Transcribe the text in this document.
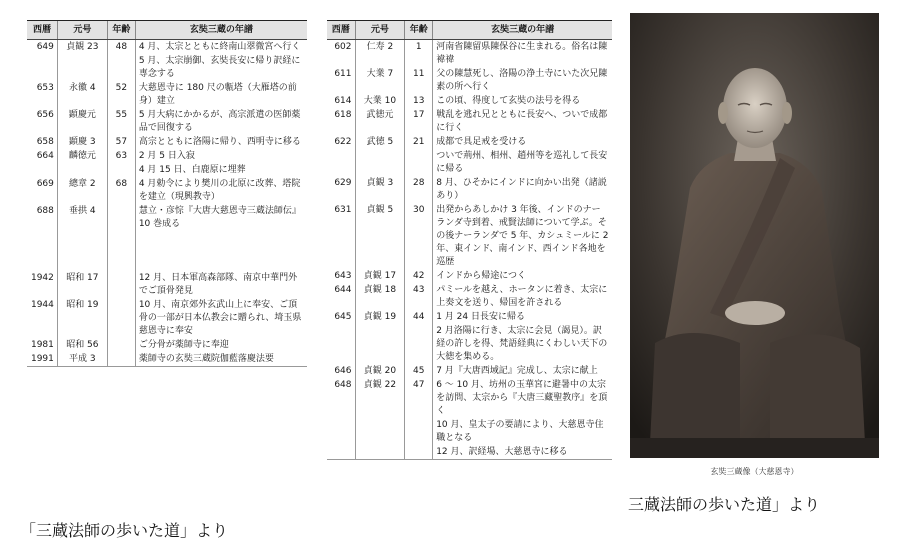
西暦	元号	年齢	玄奘三蔵の年譜
649	貞観 23	48	4 月、太宗とともに終南山翠微宮へ行く
			5 月、太宗崩御、玄奘長安に帰り訳経に専念する
653	永徽 4	52	大慈恩寺に 180 尺の甎塔（大雁塔の前身）建立
656	顕慶元	55	5 月大病にかかるが、高宗派遣の医師薬品で回復する
658	顕慶 3	57	高宗とともに洛陽に帰り、西明寺に移る
664	麟徳元	63	2 月 5 日入寂
			4 月 15 日、白鹿原に埋葬
669	總章 2	68	4 月勅令により樊川の北原に改葬、塔院を建立（現興教寺）
688	垂拱 4		慧立・彦悰『大唐大慈恩寺三蔵法師伝』10 巻成る

1942	昭和 17		12 月、日本軍高森部隊、南京中華門外でご頂骨発見
1944	昭和 19		10 月、南京郊外玄武山上に奉安、ご頂骨の一部が日本仏教会に贈られ、埼玉県慈恩寺に奉安
1981	昭和 56		ご分骨が薬師寺に奉迎
1991	平成 3		薬師寺の玄奘三蔵院伽藍落慶法要
西暦	元号	年齢	玄奘三蔵の年譜
602	仁寿 2	1	河南省陳留県陳保谷に生まれる。俗名は陳褘禕
611	大業 7	11	父の陳慧死し、洛陽の浄土寺にいた次兄陳素の所へ行く
614	大業 10	13	この頃、得度して玄奘の法号を得る
618	武徳元	17	戦乱を逃れ兄とともに長安へ、ついで成都に行く
622	武徳 5	21	成都で具足戒を受ける
			ついで荊州、相州、趙州等を巡礼して長安に帰る
629	貞観 3	28	8 月、ひそかにインドに向かい出発（諸説あり）
631	貞観 5	30	出発からあしかけ 3 年後、インドのナーランダ寺到着、戒賢法師について学ぶ。その後ナーランダで 5 年、カシュミールに 2 年、東インド、南インド、西インド各地を巡歴
643	貞観 17	42	インドから帰途につく
644	貞観 18	43	パミールを越え、ホータンに着き、太宗に上奏文を送り、帰国を許される
645	貞観 19	44	1 月 24 日長安に帰る
			2 月洛陽に行き、太宗に会見（謁見）。訳経の許しを得、梵語経典にくわしい天下の大徳を集める。
646	貞観 20	45	7 月『大唐西域記』完成し、太宗に献上
648	貞観 22	47	6 ～ 10 月、坊州の玉華宮に避暑中の太宗を訪問、太宗から『大唐三藏聖教序』を頂く
			10 月、皇太子の要請により、大慈恩寺住職となる
			12 月、訳経場、大慈恩寺に移る
玄奘三蔵像（大慈恩寺）
三蔵法師の歩いた道」より
「三蔵法師の歩いた道」より
